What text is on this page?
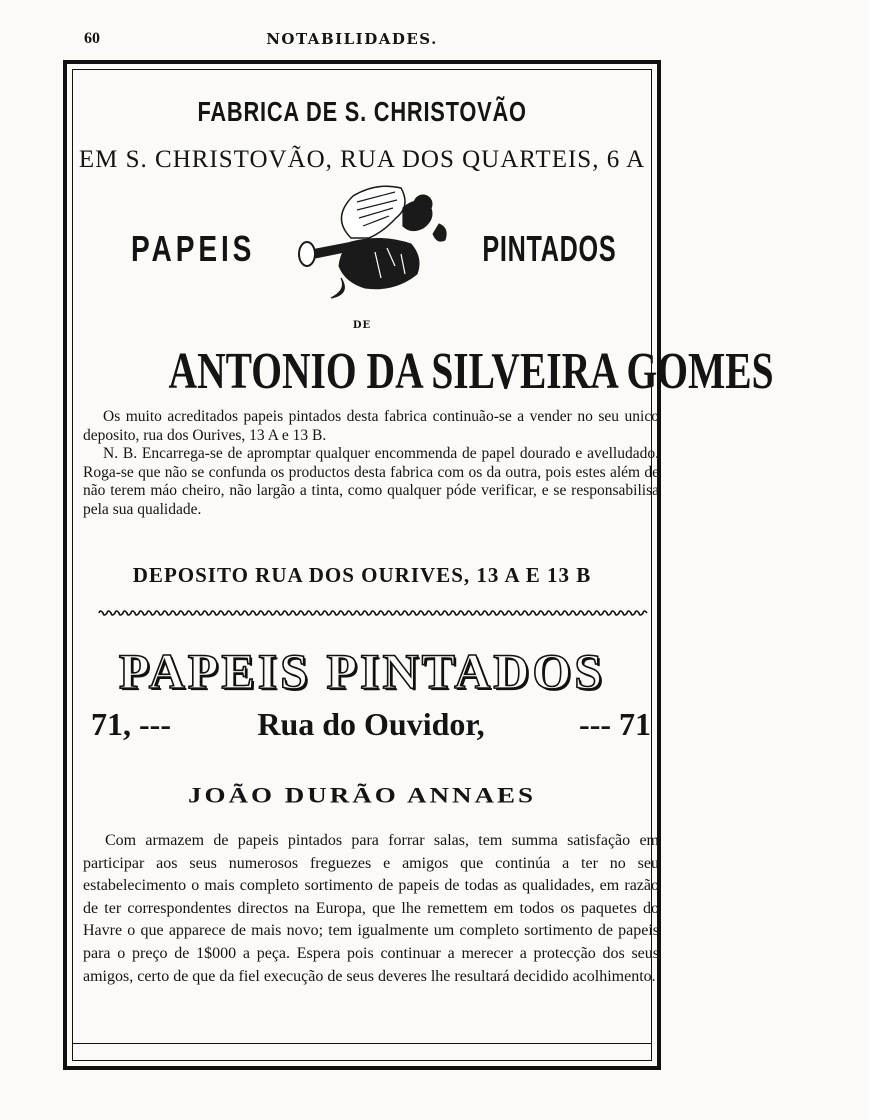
60	NOTABILIDADES.
FABRICA DE S. CHRISTOVÃO
EM S. CHRISTOVÃO, RUA DOS QUARTEIS, 6 A
PAPEIS	PINTADOS
DE
ANTONIO DA SILVEIRA GOMES
Os muito acreditados papeis pintados desta fabrica continuão-se a vender no seu unico deposito, rua dos Ourives, 13 A e 13 B.
N. B. Encarrega-se de apromptar qualquer encommenda de papel dourado e avelludado. Roga-se que não se confunda os productos desta fabrica com os da outra, pois estes além de não terem máo cheiro, não largão a tinta, como qualquer póde verificar, e se responsabilisa pela sua qualidade.
DEPOSITO RUA DOS OURIVES, 13 A E 13 B
PAPEIS PINTADOS
71, ---	Rua do Ouvidor,	--- 71
JOÃO DURÃO ANNAES
Com armazem de papeis pintados para forrar salas, tem summa satisfação em participar aos seus numerosos freguezes e amigos que continúa a ter no seu estabelecimento o mais completo sortimento de papeis de todas as qualidades, em razão de ter correspondentes directos na Europa, que lhe remettem em todos os paquetes do Havre o que apparece de mais novo; tem igualmente um completo sortimento de papeis para o preço de 1$000 a peça. Espera pois continuar a merecer a protecção dos seus amigos, certo de que da fiel execução de seus deveres lhe resultará decidido acolhimento.
